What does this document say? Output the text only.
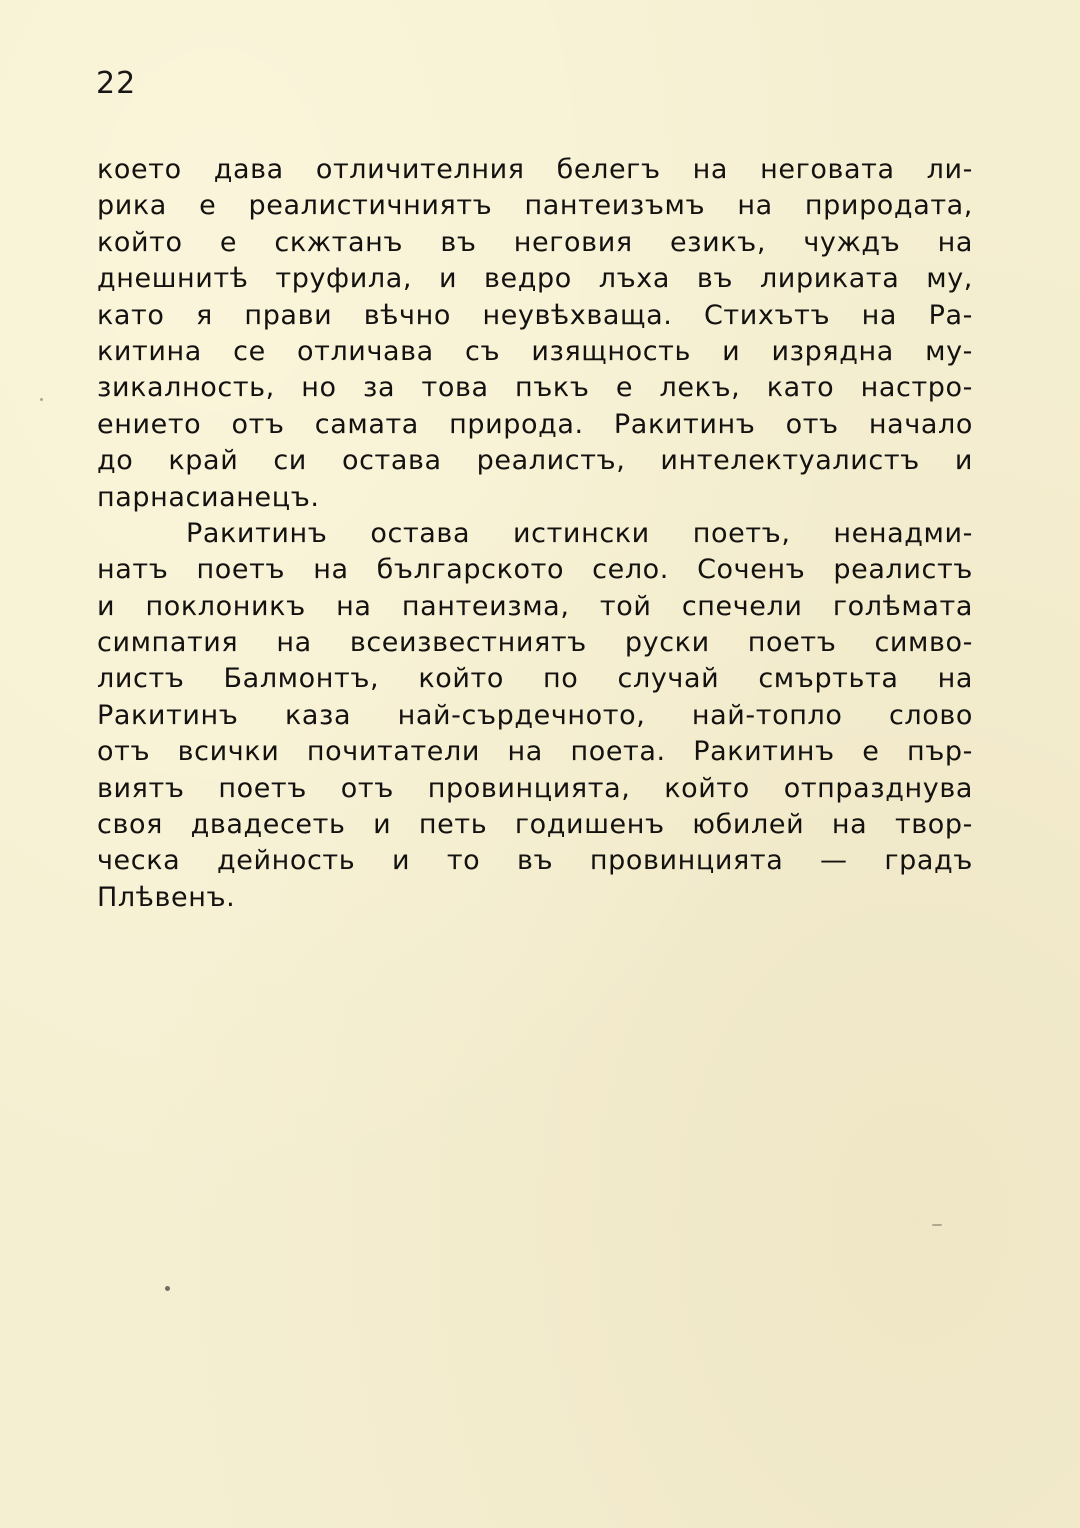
22
което дава отличителния белегъ на неговата ли-
рика е реалистичниятъ пантеизъмъ на природата,
който е скжтанъ въ неговия езикъ, чуждъ на
днешнитѣ труфила, и ведро лъха въ лириката му,
като я прави вѣчно неувѣхваща. Стихътъ на Ра-
китина се отличава съ изящность и изрядна му-
зикалность, но за това пъкъ е лекъ, като настро-
ението отъ самата природа. Ракитинъ отъ начало
до край си остава реалистъ, интелектуалистъ и
парнасианецъ.
Ракитинъ остава истински поетъ, ненадми-
натъ поетъ на българското село. Соченъ реалистъ
и поклоникъ на пантеизма, той спечели голѣмата
симпатия на всеизвестниятъ руски поетъ симво-
листъ Балмонтъ, който по случай смъртьта на
Ракитинъ каза най-сърдечното, най-топло слово
отъ всички почитатели на поета. Ракитинъ е пър-
виятъ поетъ отъ провинцията, който отпразднува
своя двадесеть и петь годишенъ юбилей на твор-
ческа дейность и то въ провинцията — градъ
Плѣвенъ.
